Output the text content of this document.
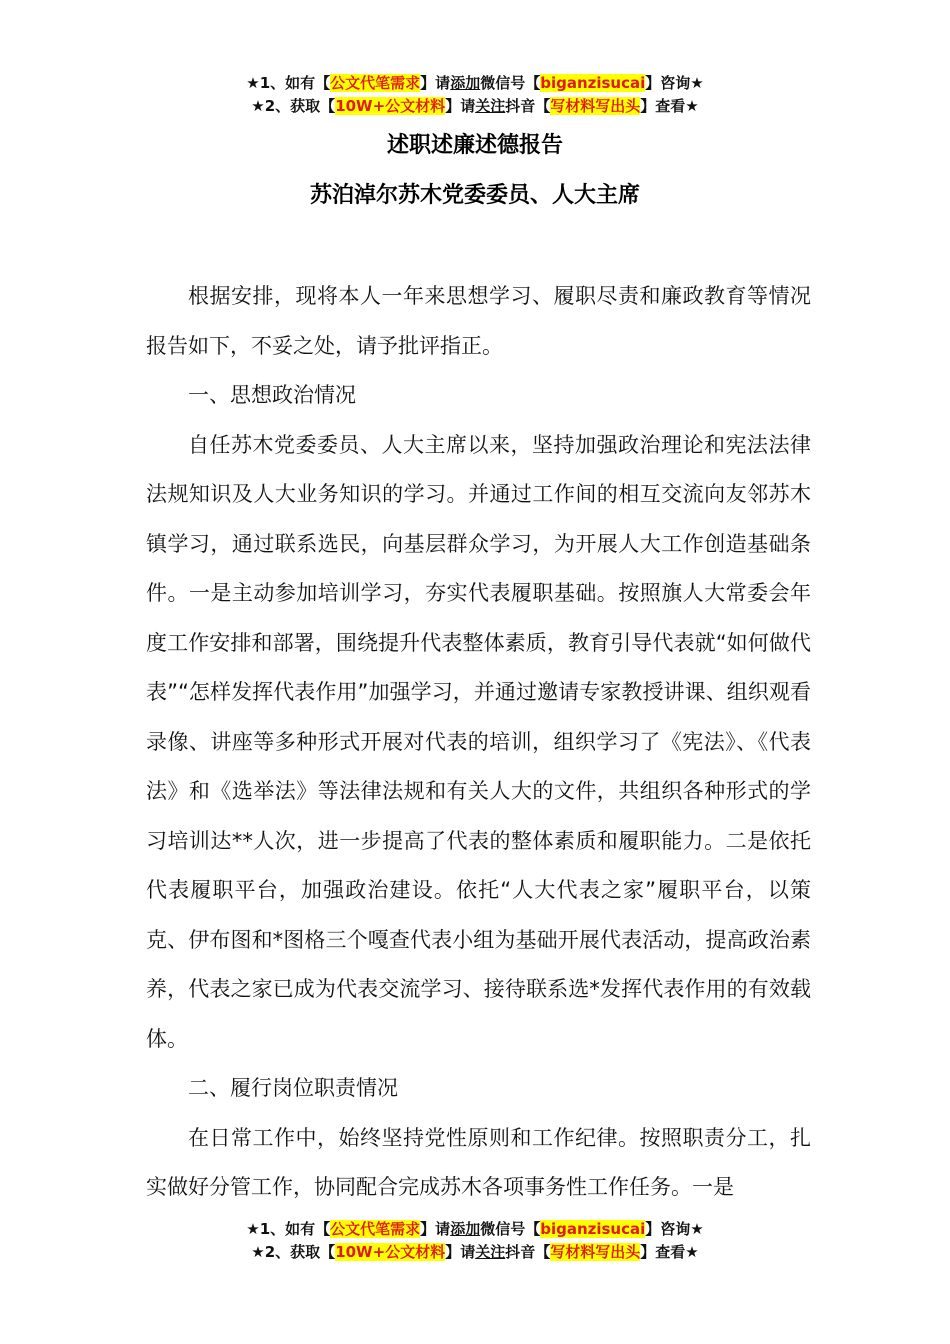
★1、如有【公文代笔需求】请添加微信号【biganzisucai】咨询★
★2、获取【10W+公文材料】请关注抖音【写材料写出头】查看★
述职述廉述德报告
苏泊淖尔苏木党委委员、人大主席

根据安排，现将本人一年来思想学习、履职尽责和廉政教育等情况报告如下，不妥之处，请予批评指正。

一、思想政治情况

自任苏木党委委员、人大主席以来，坚持加强政治理论和宪法法律法规知识及人大业务知识的学习。并通过工作间的相互交流向友邻苏木镇学习，通过联系选民，向基层群众学习，为开展人大工作创造基础条件。一是主动参加培训学习，夯实代表履职基础。按照旗人大常委会年度工作安排和部署，围绕提升代表整体素质，教育引导代表就“如何做代表”“怎样发挥代表作用”加强学习，并通过邀请专家教授讲课、组织观看录像、讲座等多种形式开展对代表的培训，组织学习了《宪法》、《代表法》和《选举法》等法律法规和有关人大的文件，共组织各种形式的学习培训达**人次，进一步提高了代表的整体素质和履职能力。二是依托代表履职平台，加强政治建设。依托“人大代表之家”履职平台，以策克、伊布图和*图格三个嘎查代表小组为基础开展代表活动，提高政治素养，代表之家已成为代表交流学习、接待联系选*发挥代表作用的有效载体。

二、履行岗位职责情况

在日常工作中，始终坚持党性原则和工作纪律。按照职责分工，扎实做好分管工作，协同配合完成苏木各项事务性工作任务。一是

★1、如有【公文代笔需求】请添加微信号【biganzisucai】咨询★
★2、获取【10W+公文材料】请关注抖音【写材料写出头】查看★
